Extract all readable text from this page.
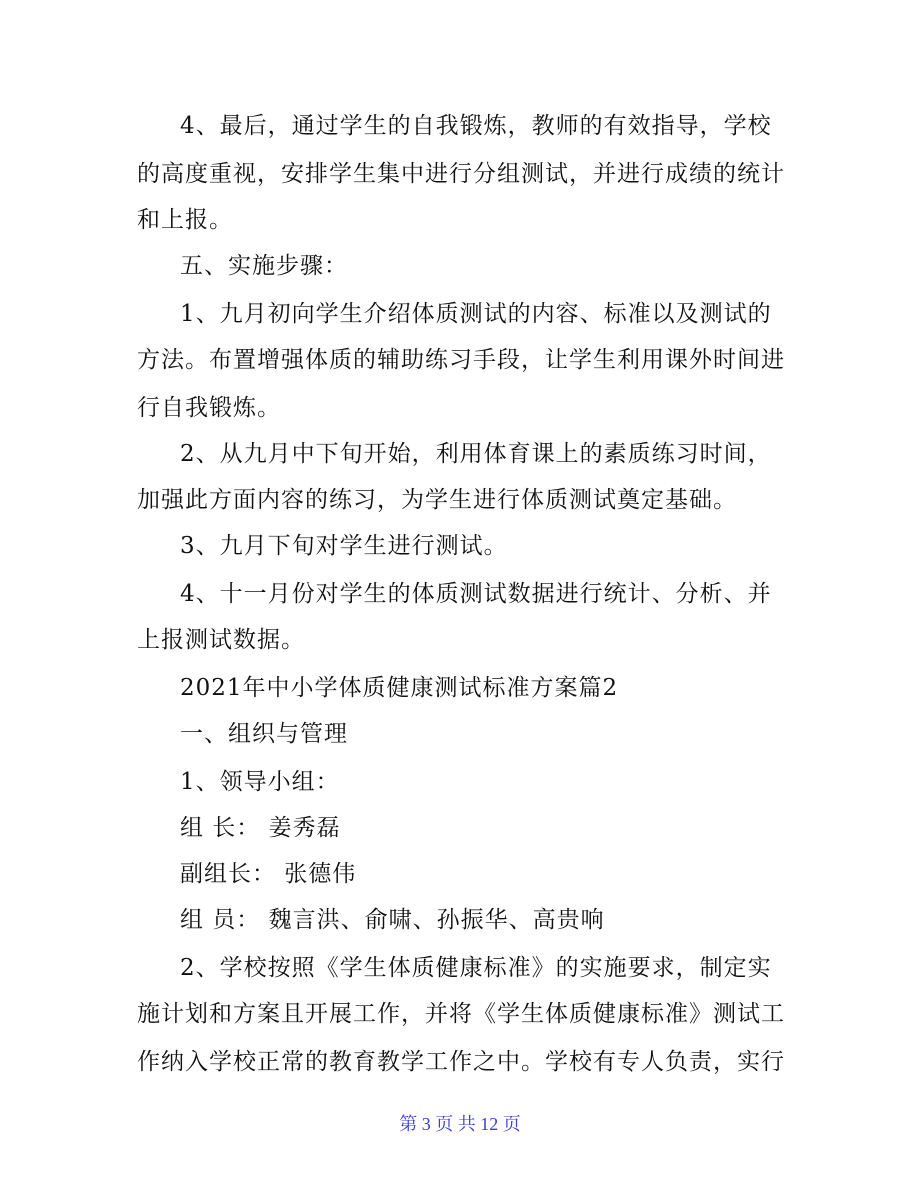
4、最后，通过学生的自我锻炼，教师的有效指导，学校
的高度重视，安排学生集中进行分组测试，并进行成绩的统计
和上报。
五、实施步骤：
1、九月初向学生介绍体质测试的内容、标准以及测试的
方法。布置增强体质的辅助练习手段，让学生利用课外时间进
行自我锻炼。
2、从九月中下旬开始，利用体育课上的素质练习时间，
加强此方面内容的练习，为学生进行体质测试奠定基础。
3、九月下旬对学生进行测试。
4、十一月份对学生的体质测试数据进行统计、分析、并
上报测试数据。
2021年中小学体质健康测试标准方案篇2
一、组织与管理
1、领导小组：
组 长： 姜秀磊
副组长： 张德伟
组 员： 魏言洪、俞啸、孙振华、高贵响
2、学校按照《学生体质健康标准》的实施要求，制定实
施计划和方案且开展工作，并将《学生体质健康标准》测试工
作纳入学校正常的教育教学工作之中。学校有专人负责，实行
第 3 页 共 12 页
